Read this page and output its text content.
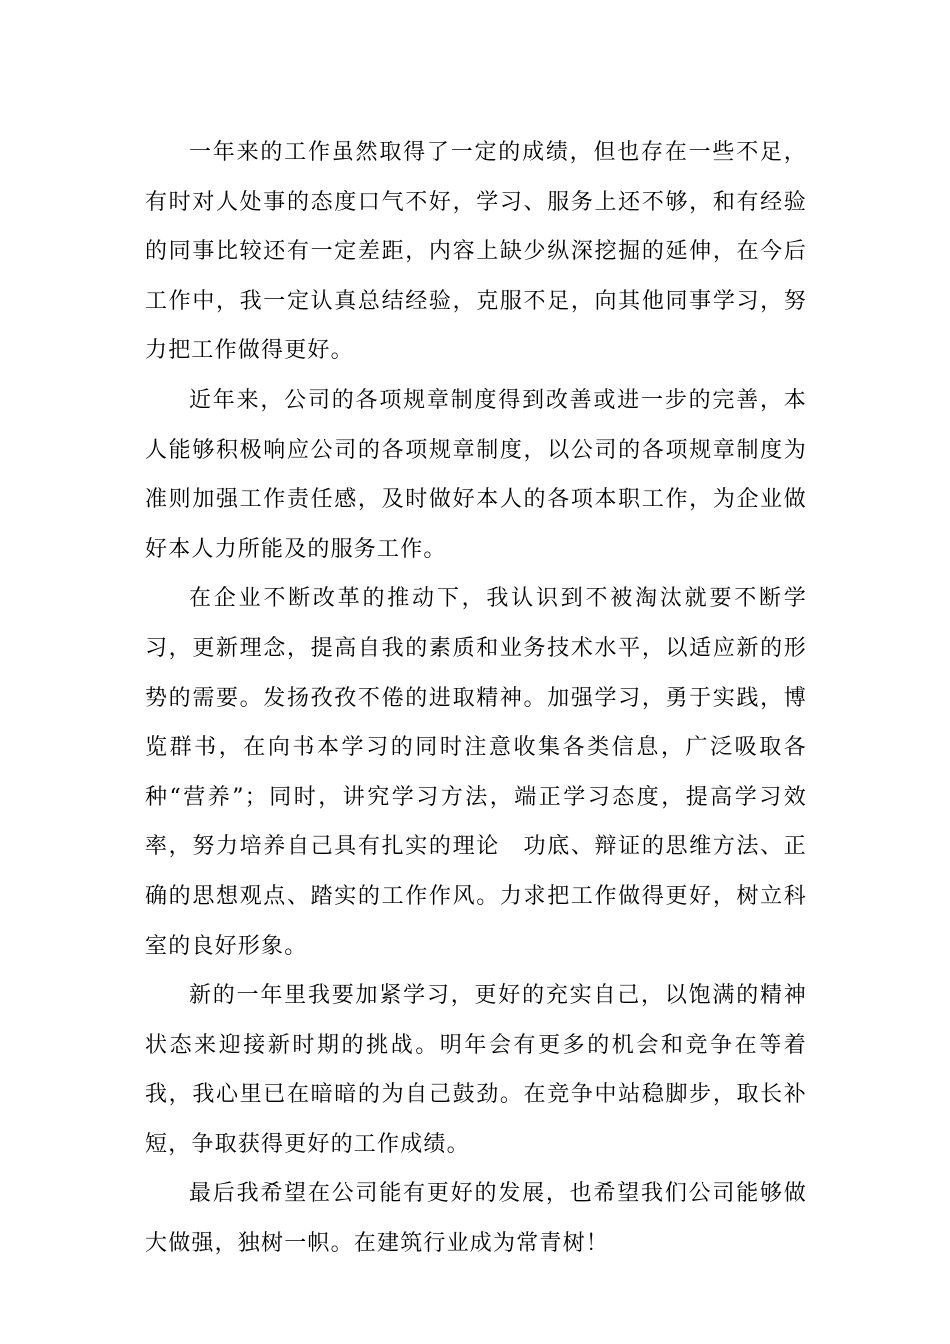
一年来的工作虽然取得了一定的成绩，但也存在一些不足，有时对人处事的态度口气不好，学习、服务上还不够，和有经验的同事比较还有一定差距，内容上缺少纵深挖掘的延伸，在今后工作中，我一定认真总结经验，克服不足，向其他同事学习，努力把工作做得更好。

近年来，公司的各项规章制度得到改善或进一步的完善，本人能够积极响应公司的各项规章制度，以公司的各项规章制度为准则加强工作责任感，及时做好本人的各项本职工作，为企业做好本人力所能及的服务工作。

在企业不断改革的推动下，我认识到不被淘汰就要不断学习，更新理念，提高自我的素质和业务技术水平，以适应新的形势的需要。发扬孜孜不倦的进取精神。加强学习，勇于实践，博览群书，在向书本学习的同时注意收集各类信息，广泛吸取各种“营养”；同时，讲究学习方法，端正学习态度，提高学习效率，努力培养自己具有扎实的理论　功底、辩证的思维方法、正确的思想观点、踏实的工作作风。力求把工作做得更好，树立科室的良好形象。

新的一年里我要加紧学习，更好的充实自己，以饱满的精神状态来迎接新时期的挑战。明年会有更多的机会和竞争在等着我，我心里已在暗暗的为自己鼓劲。在竞争中站稳脚步，取长补短，争取获得更好的工作成绩。

最后我希望在公司能有更好的发展，也希望我们公司能够做大做强，独树一帜。在建筑行业成为常青树！
